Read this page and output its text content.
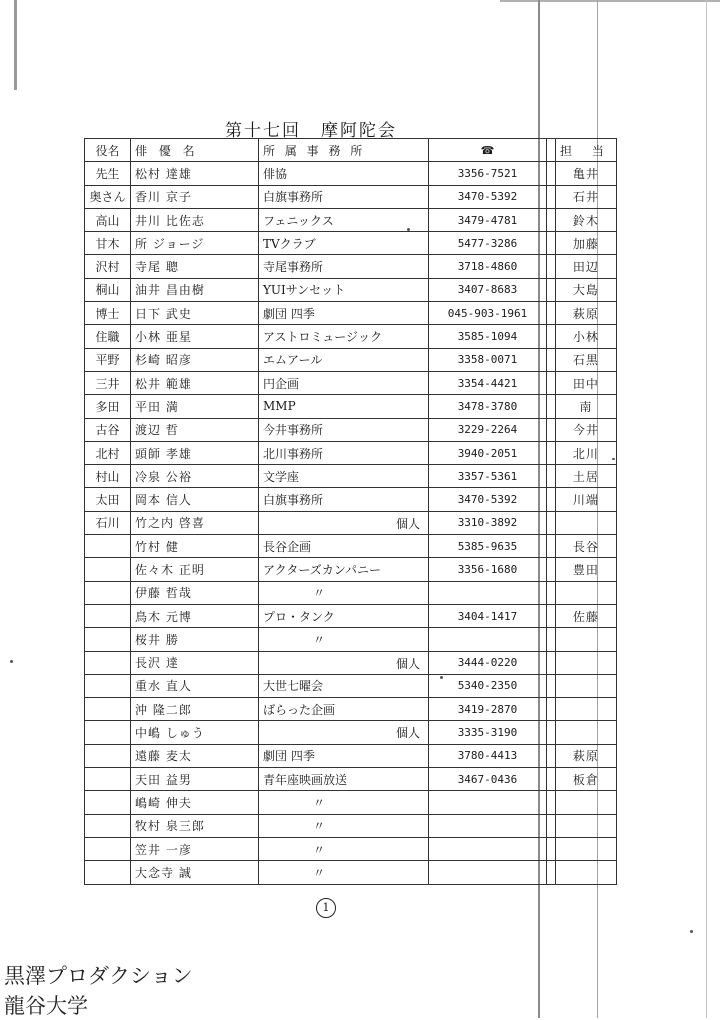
第十七回 摩阿陀会
役名	俳 優 名	所 属 事 務 所	☎		担 当
先生	松村 達雄	俳協	3356-7521		亀井
奥さん	香川 京子	白旗事務所	3470-5392		石井
高山	井川 比佐志	フェニックス	3479-4781		鈴木
甘木	所 ジョージ	TVクラブ	5477-3286		加藤
沢村	寺尾 聰	寺尾事務所	3718-4860		田辺
桐山	油井 昌由樹	YUIサンセット	3407-8683		大島
博士	日下 武史	劇団 四季	045-903-1961		萩原
住職	小林 亜星	アストロミュージック	3585-1094		小林
平野	杉崎 昭彦	エムアール	3358-0071		石黒
三井	松井 範雄	円企画	3354-4421		田中
多田	平田 満	MMP	3478-3780		南
古谷	渡辺 哲	今井事務所	3229-2264		今井
北村	頭師 孝雄	北川事務所	3940-2051		北川
村山	冷泉 公裕	文学座	3357-5361		土居
太田	岡本 信人	白旗事務所	3470-5392		川端
石川	竹之内 啓喜	個人	3310-3892		
	竹村 健	長谷企画	5385-9635		長谷
	佐々木 正明	アクターズカンパニー	3356-1680		豊田
	伊藤 哲哉	〃			
	鳥木 元博	プロ・タンク	3404-1417		佐藤
	桜井 勝	〃			
	長沢 達	個人	3444-0220		
	重水 直人	大世七曜会	5340-2350		
	沖 隆二郎	ばらった企画	3419-2870		
	中嶋 しゅう	個人	3335-3190		
	遠藤 麦太	劇団 四季	3780-4413		萩原
	天田 益男	青年座映画放送	3467-0436		板倉
	嶋崎 伸夫	〃			
	牧村 泉三郎	〃			
	笠井 一彦	〃			
	大念寺 誠	〃			
1
黒澤プロダクション
龍谷大学
